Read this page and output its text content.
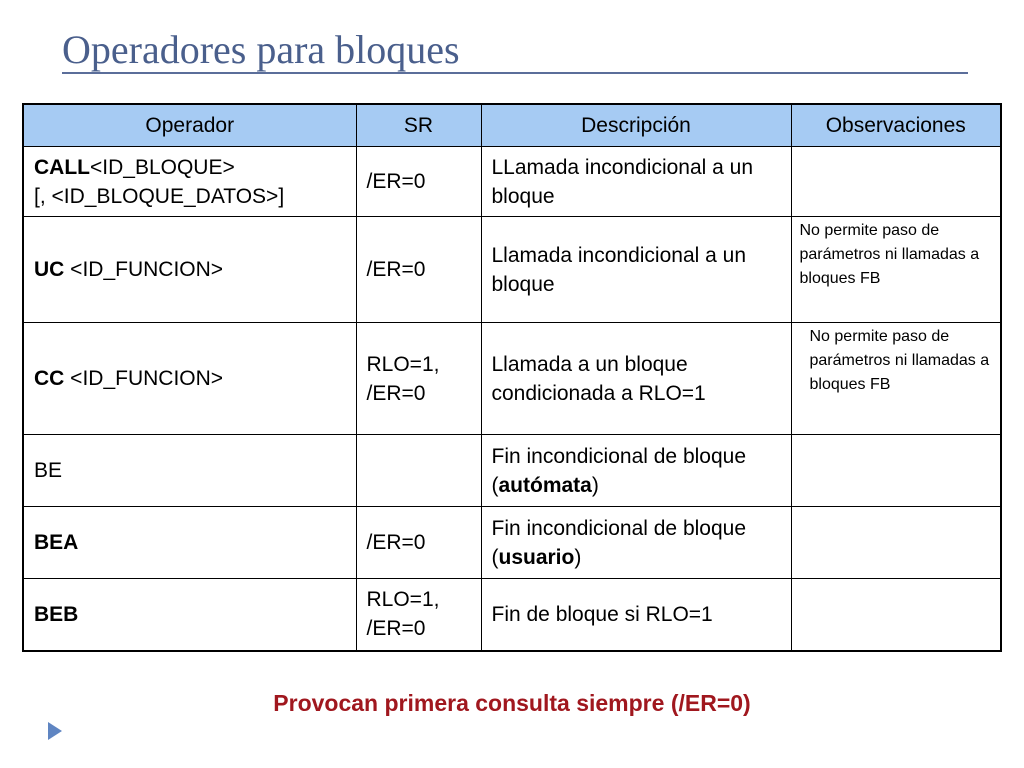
Operadores para bloques
Operador	SR	Descripción	Observaciones
CALL<ID_BLOQUE>
[, <ID_BLOQUE_DATOS>]	/ER=0	LLamada incondicional a un bloque	
UC <ID_FUNCION>	/ER=0	Llamada incondicional a un bloque	No permite paso de parámetros ni llamadas a bloques FB
CC <ID_FUNCION>	RLO=1, /ER=0	Llamada a un bloque condicionada a RLO=1	No permite paso de parámetros ni llamadas a bloques FB
BE		Fin incondicional de bloque (autómata)	
BEA	/ER=0	Fin incondicional de bloque (usuario)	
BEB	RLO=1, /ER=0	Fin de bloque si RLO=1	
Provocan primera consulta siempre (/ER=0)
